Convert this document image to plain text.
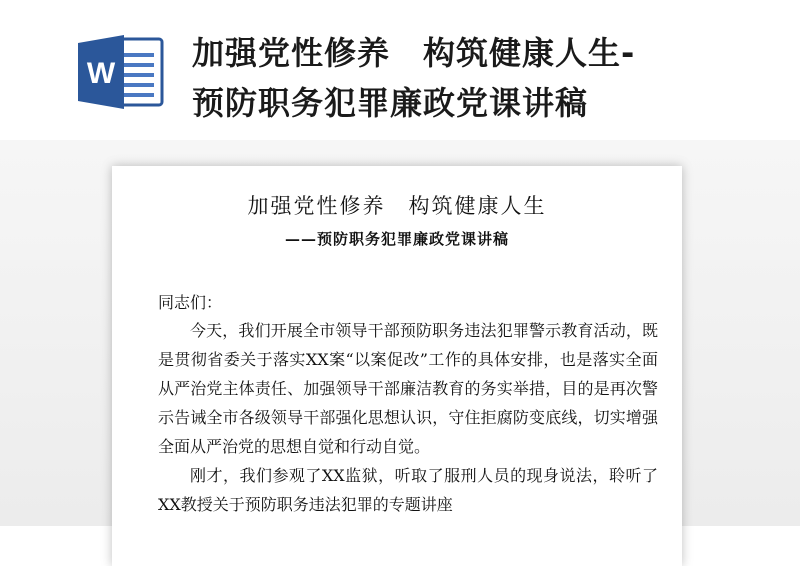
W
加强党性修养　构筑健康人生-
预防职务犯罪廉政党课讲稿
加强党性修养　构筑健康人生
——预防职务犯罪廉政党课讲稿
同志们：

今天，我们开展全市领导干部预防职务违法犯罪警示教育活动，既是贯彻省委关于落实XX案“以案促改”工作的具体安排，也是落实全面从严治党主体责任、加强领导干部廉洁教育的务实举措，目的是再次警示告诫全市各级领导干部强化思想认识，守住拒腐防变底线，切实增强全面从严治党的思想自觉和行动自觉。

刚才，我们参观了XX监狱，听取了服刑人员的现身说法，聆听了XX教授关于预防职务违法犯罪的专题讲座
